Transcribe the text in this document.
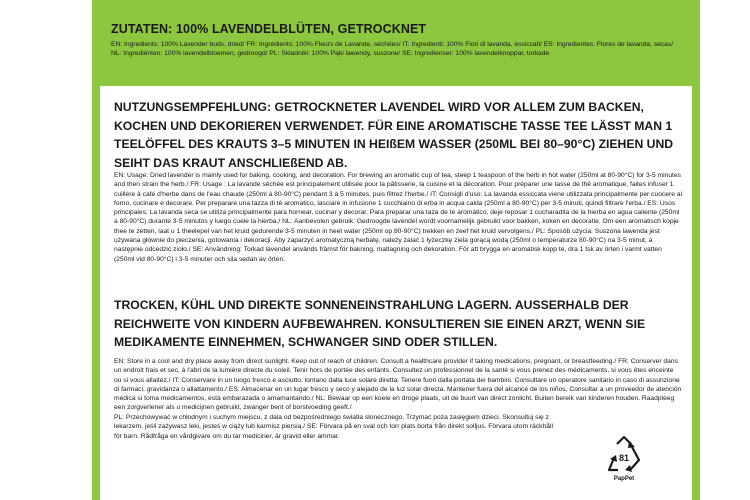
ZUTATEN: 100% LAVENDELBLÜTEN, GETROCKNET
EN: Ingredients: 100% Lavender buds, dried/ FR: Ingrédients: 100% Fleurs de Lavande, séchées/ IT: Ingredienti: 100% Fiori di lavanda, essiccati/ ES: Ingredientes: Flores de lavanda, secas/ NL: Ingrediënten: 100% lavendelbloemen, gedroogd/ PL: Składniki: 100% Pąki lawendy, suszone/ SE: Ingredienser: 100% lavendelknoppar, torkade
NUTZUNGSEMPFEHLUNG: GETROCKNETER LAVENDEL WIRD VOR ALLEM ZUM BACKEN, KOCHEN UND DEKORIEREN VERWENDET. FÜR EINE AROMATISCHE TASSE TEE LÄSST MAN 1 TEELÖFFEL DES KRAUTS 3–5 MINUTEN IN HEIßEM WASSER (250ML BEI 80–90°C) ZIEHEN UND SEIHT DAS KRAUT ANSCHLIEßEND AB.
EN: Usage: Dried lavender is mainly used for baking, cooking, and decoration. For brewing an aromatic cup of tea, steep 1 teaspoon of the herb in hot water (250ml at 80-90°C) for 3-5 minutes and then strain the herb./ FR: Usage : La lavande séchée est principalement utilisée pour la pâtisserie, la cuisine et la décoration. Pour préparer une tasse de thé aromatique, faites infuser 1 cuillère à café d'herbe dans de l'eau chaude (250ml à 80-90°C) pendant 3 à 5 minutes, puis filtrez l'herbe./ IT: Consigli d'uso: La lavanda essiccata viene utilizzata principalmente per cuocere al forno, cucinare e decorare. Per preparare una tazza di tè aromatico, lasciare in infusione 1 cucchiaino di erba in acqua calda (250ml a 80-90°C) per 3-5 minuti, quindi filtrare l'erba./ ES: Usos principales: La lavanda seca se utiliza principalmente para hornear, cocinar y decorar. Para preparar una taza de té aromático, deje reposar 1 cucharadita de la hierba en agua caliente (250ml a 80-90°C) durante 3-5 minutos y luego cuele la hierba./ NL: Aanbevolen gebruik: Gedroogde lavendel wordt voornamelijk gebruikt voor bakken, koken en decoratie. Om een aromatisch kopje thee te zetten, laat u 1 theelepel van het kruid gedurende 3-5 minuten in heet water (250ml op 80-90°C) trekken en zeef het kruid vervolgens./ PL: Sposób użycia: Suszona lawenda jest używana głównie do pieczenia, gotowania i dekoracji. Aby zaparzyć aromatyczną herbatę, należy zalać 1 łyżeczkę ziela gorącą wodą (250ml o temperaturze 80-90°C) na 3-5 minut, a następnie odcedzić zioło./ SE: Användning: Torkad lavendel används främst för bakning, matlagning och dekoration. För att brygga en aromatisk kopp te, dra 1 tsk av örten i varmt vatten (250ml vid 80-90°C) i 3-5 minuter och sila sedan av örten.
TROCKEN, KÜHL UND DIREKTE SONNENEINSTRAHLUNG LAGERN. AUSSERHALB DER REICHWEITE VON KINDERN AUFBEWAHREN. KONSULTIEREN SIE EINEN ARZT, WENN SIE MEDIKAMENTE EINNEHMEN, SCHWANGER SIND ODER STILLEN.
EN: Store in a cool and dry place away from direct sunlight. Keep out of reach of children. Consult a healthcare provider if taking medications, pregnant, or breastfeeding./ FR: Conserver dans un endroit frais et sec, à l'abri de la lumière directe du soleil. Tenir hors de portée des enfants. Consultez un professionnel de la santé si vous prenez des médicaments, si vous êtes enceinte ou si vous allaitez./ IT: Conservare in un luogo fresco e asciutto, lontano dalla luce solare diretta. Tenere fuori dalla portata dei bambini. Consultare un operatore sanitario in caso di assunzione di farmaci, gravidanza o allattamento./ ES: Almacenar en un lugar fresco y seco y alejado de la luz solar directa. Mantener fuera del alcance de los niños. Consultar a un proveedor de atención médica si toma medicamentos, está embarazada o amamantando./ NL: Bewaar op een koele en droge plaats, uit de buurt van direct zonlicht. Buiten bereik van kinderen houden. Raadpleeg een zorgverlener als u medicijnen gebruikt, zwanger bent of borstvoeding geeft./
PL: Przechowywać w chłodnym i suchym miejscu, z dala od bezpośredniego światła słonecznego. Trzymać poza zasięgiem dzieci. Skonsultuj się z lekarzem, jeśli zażywasz leki, jesteś w ciąży lub karmisz piersią./ SE: Förvara på en sval och torr plats borta från direkt solljus. Förvara utom räckhåll för barn. Rådfråga en vårdgivare om du tar mediciner, är gravid eller ammar.
81
PapPet
